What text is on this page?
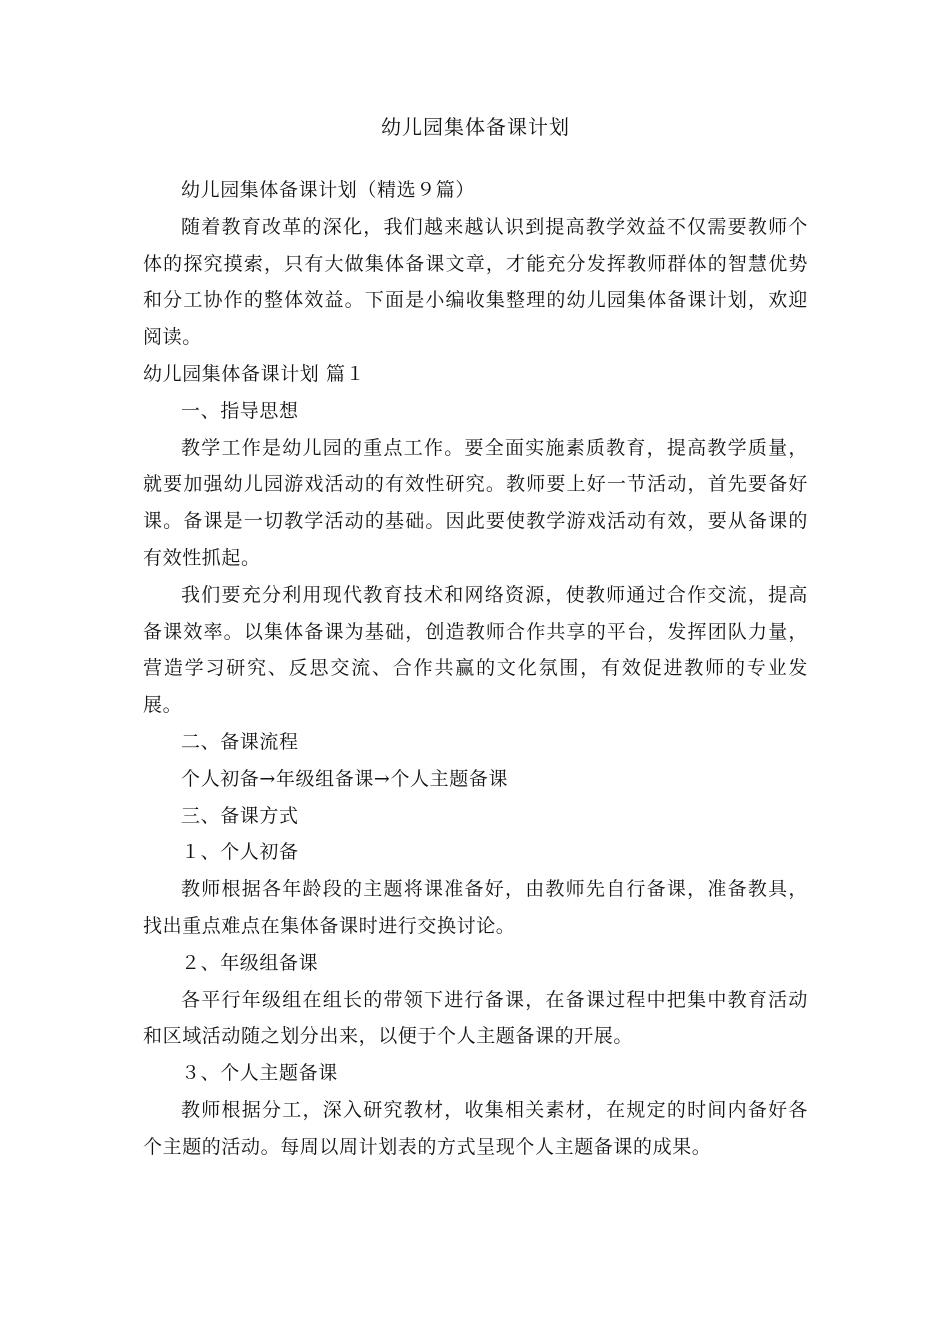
幼儿园集体备课计划

幼儿园集体备课计划（精选９篇）

随着教育改革的深化，我们越来越认识到提高教学效益不仅需要教师个体的探究摸索，只有大做集体备课文章，才能充分发挥教师群体的智慧优势和分工协作的整体效益。下面是小编收集整理的幼儿园集体备课计划，欢迎阅读。

幼儿园集体备课计划 篇１

一、指导思想

教学工作是幼儿园的重点工作。要全面实施素质教育，提高教学质量，就要加强幼儿园游戏活动的有效性研究。教师要上好一节活动，首先要备好课。备课是一切教学活动的基础。因此要使教学游戏活动有效，要从备课的有效性抓起。

我们要充分利用现代教育技术和网络资源，使教师通过合作交流，提高备课效率。以集体备课为基础，创造教师合作共享的平台，发挥团队力量，营造学习研究、反思交流、合作共赢的文化氛围，有效促进教师的专业发展。

二、备课流程

个人初备→年级组备课→个人主题备课

三、备课方式

１、个人初备

教师根据各年龄段的主题将课准备好，由教师先自行备课，准备教具，找出重点难点在集体备课时进行交换讨论。

２、年级组备课

各平行年级组在组长的带领下进行备课，在备课过程中把集中教育活动和区域活动随之划分出来，以便于个人主题备课的开展。

３、个人主题备课

教师根据分工，深入研究教材，收集相关素材，在规定的时间内备好各个主题的活动。每周以周计划表的方式呈现个人主题备课的成果。
